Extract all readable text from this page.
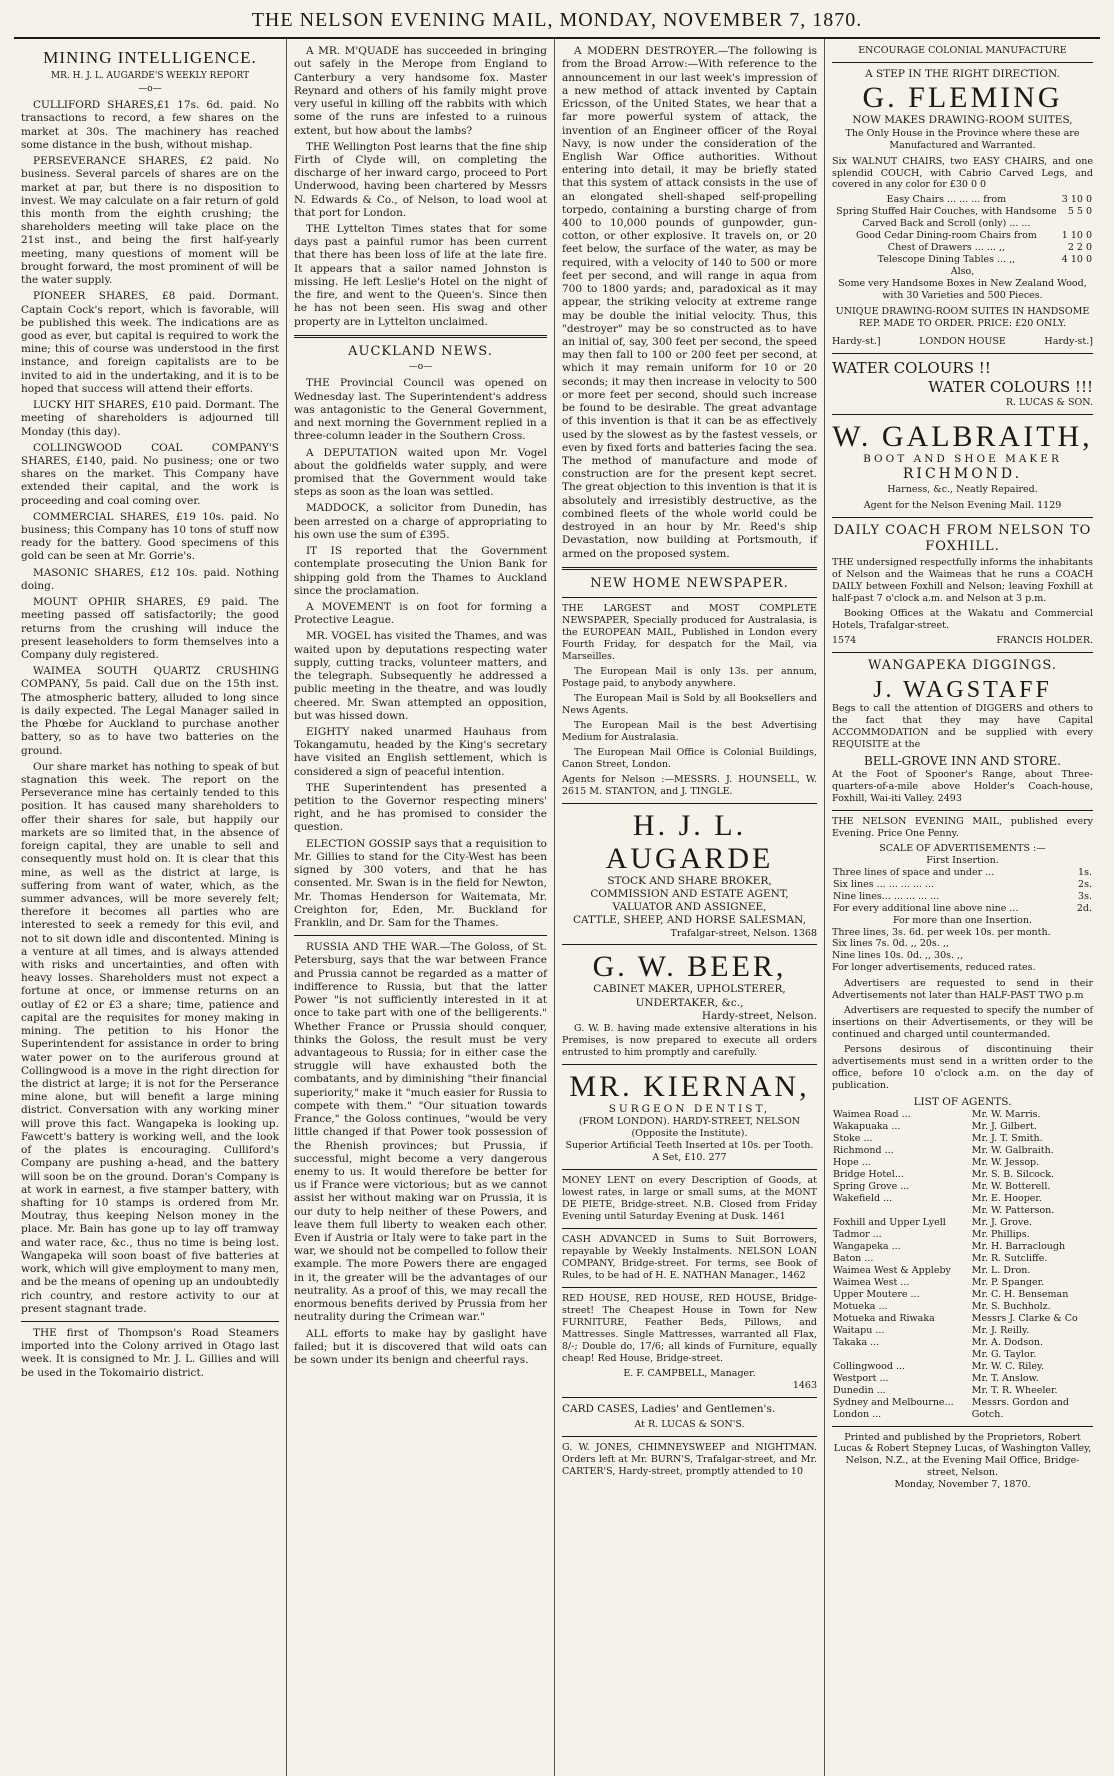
THE NELSON EVENING MAIL, MONDAY, NOVEMBER 7, 1870.
MINING INTELLIGENCE.
MR. H. J. L. AUGARDE'S WEEKLY REPORT
—o—

CULLIFORD SHARES,£1 17s. 6d. paid. No transactions to record, a few shares on the market at 30s. The machinery has reached some distance in the bush, without mishap.

PERSEVERANCE SHARES, £2 paid. No business. Several parcels of shares are on the market at par, but there is no disposition to invest. We may calculate on a fair return of gold this month from the eighth crushing; the shareholders meeting will take place on the 21st inst., and being the first half-yearly meeting, many questions of moment will be brought forward, the most prominent of will be the water supply.

PIONEER SHARES, £8 paid. Dormant. Captain Cock's report, which is favorable, will be published this week. The indications are as good as ever, but capital is required to work the mine; this of course was understood in the first instance, and foreign capitalists are to be invited to aid in the undertaking, and it is to be hoped that success will attend their efforts.

LUCKY HIT SHARES, £10 paid. Dormant. The meeting of shareholders is adjourned till Monday (this day).

COLLINGWOOD COAL COMPANY'S SHARES, £140, paid. No pusiness; one or two shares on the market. This Company have extended their capital, and the work is proceeding and coal coming over.

COMMERCIAL SHARES, £19 10s. paid. No business; this Company has 10 tons of stuff now ready for the battery. Good specimens of this gold can be seen at Mr. Gorrie's.

MASONIC SHARES, £12 10s. paid. Nothing doing.

MOUNT OPHIR SHARES, £9 paid. The meeting passed off satisfactorily; the good returns from the crushing will induce the present leaseholders to form themselves into a Company duly registered.

WAIMEA SOUTH QUARTZ CRUSHING COMPANY, 5s paid. Call due on the 15th inst. The atmospheric battery, alluded to long since is daily expected. The Legal Manager sailed in the Phœbe for Auckland to purchase another battery, so as to have two batteries on the ground.

Our share market has nothing to speak of but stagnation this week. The report on the Perseverance mine has certainly tended to this position. It has caused many shareholders to offer their shares for sale, but happily our markets are so limited that, in the absence of foreign capital, they are unable to sell and consequently must hold on. It is clear that this mine, as well as the district at large, is suffering from want of water, which, as the summer advances, will be more severely felt; therefore it becomes all parties who are interested to seek a remedy for this evil, and not to sit down idle and discontented. Mining is a venture at all times, and is always attended with risks and uncertainties, and often with heavy losses. Shareholders must not expect a fortune at once, or immense returns on an outlay of £2 or £3 a share; time, patience and capital are the requisites for money making in mining. The petition to his Honor the Superintendent for assistance in order to bring water power on to the auriferous ground at Collingwood is a move in the right direction for the district at large; it is not for the Perserance mine alone, but will benefit a large mining district. Conversation with any working miner will prove this fact. Wangapeka is looking up. Fawcett's battery is working well, and the look of the plates is encouraging. Culliford's Company are pushing a-head, and the battery will soon be on the ground. Doran's Company is at work in earnest, a five stamper battery, with shafting for 10 stamps is ordered from Mr. Moutray, thus keeping Nelson money in the place. Mr. Bain has gone up to lay off tramway and water race, &c., thus no time is being lost. Wangapeka will soon boast of five batteries at work, which will give employment to many men, and be the means of opening up an undoubtedly rich country, and restore activity to our at present stagnant trade.

THE first of Thompson's Road Steamers imported into the Colony arrived in Otago last week. It is consigned to Mr. J. L. Gillies and will be used in the Tokomairio district.

A MR. M'QUADE has succeeded in bringing out safely in the Merope from England to Canterbury a very handsome fox. Master Reynard and others of his family might prove very useful in killing off the rabbits with which some of the runs are infested to a ruinous extent, but how about the lambs?

THE Wellington Post learns that the fine ship Firth of Clyde will, on completing the discharge of her inward cargo, proceed to Port Underwood, having been chartered by Messrs N. Edwards & Co., of Nelson, to load wool at that port for London.

THE Lyttelton Times states that for some days past a painful rumor has been current that there has been loss of life at the late fire. It appears that a sailor named Johnston is missing. He left Leslie's Hotel on the night of the fire, and went to the Queen's. Since then he has not been seen. His swag and other property are in Lyttelton unclaimed.

AUCKLAND NEWS.
—o—

THE Provincial Council was opened on Wednesday last. The Superintendent's address was antagonistic to the General Government, and next morning the Government replied in a three-column leader in the Southern Cross.

A DEPUTATION waited upon Mr. Vogel about the goldfields water supply, and were promised that the Government would take steps as soon as the loan was settled.

MADDOCK, a solicitor from Dunedin, has been arrested on a charge of appropriating to his own use the sum of £395.

IT IS reported that the Government contemplate prosecuting the Union Bank for shipping gold from the Thames to Auckland since the proclamation.

A MOVEMENT is on foot for forming a Protective League.

MR. VOGEL has visited the Thames, and was waited upon by deputations respecting water supply, cutting tracks, volunteer matters, and the telegraph. Subsequently he addressed a public meeting in the theatre, and was loudly cheered. Mr. Swan attempted an opposition, but was hissed down.

EIGHTY naked unarmed Hauhaus from Tokangamutu, headed by the King's secretary have visited an English settlement, which is considered a sign of peaceful intention.

THE Superintendent has presented a petition to the Governor respecting miners' right, and he has promised to consider the question.

ELECTION GOSSIP says that a requisition to Mr. Gillies to stand for the City-West has been signed by 300 voters, and that he has consented. Mr. Swan is in the field for Newton, Mr. Thomas Henderson for Waitemata, Mr. Creighton for, Eden, Mr. Buckland for Franklin, and Dr. Sam for the Thames.

RUSSIA AND THE WAR.—The Goloss, of St. Petersburg, says that the war between France and Prussia cannot be regarded as a matter of indifference to Russia, but that the latter Power "is not sufficiently interested in it at once to take part with one of the belligerents." Whether France or Prussia should conquer, thinks the Goloss, the result must be very advantageous to Russia; for in either case the struggle will have exhausted both the combatants, and by diminishing "their financial superiority," make it "much easier for Russia to compete with them." "Our situation towards France," the Goloss continues, "would be very little changed if that Power took possession of the Rhenish provinces; but Prussia, if successful, might become a very dangerous enemy to us. It would therefore be better for us if France were victorious; but as we cannot assist her without making war on Prussia, it is our duty to help neither of these Powers, and leave them full liberty to weaken each other. Even if Austria or Italy were to take part in the war, we should not be compelled to follow their example. The more Powers there are engaged in it, the greater will be the advantages of our neutrality. As a proof of this, we may recall the enormous benefits derived by Prussia from her neutrality during the Crimean war."

ALL efforts to make hay by gaslight have failed; but it is discovered that wild oats can be sown under its benign and cheerful rays.

A MODERN DESTROYER.—The following is from the Broad Arrow:—With reference to the announcement in our last week's impression of a new method of attack invented by Captain Ericsson, of the United States, we hear that a far more powerful system of attack, the invention of an Engineer officer of the Royal Navy, is now under the consideration of the English War Office authorities. Without entering into detail, it may be briefly stated that this system of attack consists in the use of an elongated shell-shaped self-propelling torpedo, containing a bursting charge of from 400 to 10,000 pounds of gunpowder, gun-cotton, or other explosive. It travels on, or 20 feet below, the surface of the water, as may be required, with a velocity of 140 to 500 or more feet per second, and will range in aqua from 700 to 1800 yards; and, paradoxical as it may appear, the striking velocity at extreme range may be double the initial velocity. Thus, this "destroyer" may be so constructed as to have an initial of, say, 300 feet per second, the speed may then fall to 100 or 200 feet per second, at which it may remain uniform for 10 or 20 seconds; it may then increase in velocity to 500 or more feet per second, should such increase be found to be desirable. The great advantage of this invention is that it can be as effectively used by the slowest as by the fastest vessels, or even by fixed forts and batteries facing the sea. The method of manufacture and mode of construction are for the present kept secret. The great objection to this invention is that it is absolutely and irresistibly destructive, as the combined fleets of the whole world could be destroyed in an hour by Mr. Reed's ship Devastation, now building at Portsmouth, if armed on the proposed system.

NEW HOME NEWSPAPER.

THE LARGEST and MOST COMPLETE NEWSPAPER, Specially produced for Australasia, is the EUROPEAN MAIL, Published in London every Fourth Friday, for despatch for the Mail, via Marseilles.

The European Mail is only 13s. per annum, Postage paid, to anybody anywhere.

The European Mail is Sold by all Booksellers and News Agents.

The European Mail is the best Advertising Medium for Australasia.

The European Mail Office is Colonial Buildings, Canon Street, London.

Agents for Nelson :—MESSRS. J. HOUNSELL, W. 2615 M. STANTON, and J. TINGLE.

H. J. L. AUGARDE
STOCK AND SHARE BROKER,
COMMISSION AND ESTATE AGENT,
VALUATOR AND ASSIGNEE,
CATTLE, SHEEP, AND HORSE SALESMAN,
Trafalgar-street, Nelson. 1368
G. W. BEER,
CABINET MAKER, UPHOLSTERER,
UNDERTAKER, &c.,
Hardy-street, Nelson.

G. W. B. having made extensive alterations in his Premises, is now prepared to execute all orders entrusted to him promptly and carefully.

MR. KIERNAN,
SURGEON DENTIST,
(FROM LONDON). HARDY-STREET, NELSON
(Opposite the Institute).
Superior Artificial Teeth Inserted at 10s. per Tooth. A Set, £10. 277

MONEY LENT on every Description of Goods, at lowest rates, in large or small sums, at the MONT DE PIETE, Bridge-street. N.B. Closed from Friday Evening until Saturday Evening at Dusk. 1461

CASH ADVANCED in Sums to Suit Borrowers, repayable by Weekly Instalments. NELSON LOAN COMPANY, Bridge-street. For terms, see Book of Rules, to be had of H. E. NATHAN Manager., 1462

RED HOUSE, RED HOUSE, RED HOUSE, Bridge-street! The Cheapest House in Town for New FURNITURE, Feather Beds, Pillows, and Mattresses. Single Mattresses, warranted all Flax, 8/-; Double do, 17/6; all kinds of Furniture, equally cheap! Red House, Bridge-street.

E. F. CAMPBELL, Manager.
1463

CARD CASES, Ladies' and Gentlemen's.

At R. LUCAS & SON'S.

G. W. JONES, CHIMNEYSWEEP and NIGHTMAN. Orders left at Mr. BURN'S, Trafalgar-street, and Mr. CARTER'S, Hardy-street, promptly attended to 10

ENCOURAGE COLONIAL MANUFACTURE
A STEP IN THE RIGHT DIRECTION.
G. FLEMING
NOW MAKES DRAWING-ROOM SUITES,
The Only House in the Province where these are Manufactured and Warranted.

Six WALNUT CHAIRS, two EASY CHAIRS, and one splendid COUCH, with Cabrio Carved Legs, and covered in any color for £30 0 0

Easy Chairs ... ... ... from	3 10 0
Spring Stuffed Hair Couches, with Handsome Carved Back and Scroll (only) ... ...	5 5 0
Good Cedar Dining-room Chairs from	1 10 0
Chest of Drawers ... ... ,,	2 2 0
Telescope Dining Tables ... ,,	4 10 0
Also,
Some very Handsome Boxes in New Zealand Wood, with 30 Varieties and 500 Pieces.
UNIQUE DRAWING-ROOM SUITES IN HANDSOME REP. MADE TO ORDER. PRICE: £20 ONLY.
Hardy-st.]	LONDON HOUSE	Hardy-st.]
WATER COLOURS !!
WATER COLOURS !!!
R. LUCAS & SON.
W. GALBRAITH,
BOOT AND SHOE MAKER
RICHMOND.
Harness, &c., Neatly Repaired.
Agent for the Nelson Evening Mail. 1129
DAILY COACH FROM NELSON TO FOXHILL.

THE undersigned respectfully informs the inhabitants of Nelson and the Waimeas that he runs a COACH DAILY between Foxhill and Nelson; leaving Foxhill at half-past 7 o'clock a.m. and Nelson at 3 p.m.

Booking Offices at the Wakatu and Commercial Hotels, Trafalgar-street.

1574	FRANCIS HOLDER.
WANGAPEKA DIGGINGS.
J. WAGSTAFF

Begs to call the attention of DIGGERS and others to the fact that they may have Capital ACCOMMODATION and be supplied with every REQUISITE at the

BELL-GROVE INN AND STORE.

At the Foot of Spooner's Range, about Three-quarters-of-a-mile above Holder's Coach-house, Foxhill, Wai-iti Valley. 2493

THE NELSON EVENING MAIL, published every Evening. Price One Penny.

SCALE OF ADVERTISEMENTS :—
First Insertion.
Three lines of space and under ...	1s.
Six lines ... ... ... ... ...	2s.
Nine lines... ... ... ... ...	3s.
For every additional line above nine ...	2d.
For more than one Insertion.
Three lines, 3s. 6d. per week 10s. per month.
Six lines 7s. 0d. ,, 20s. ,,
Nine lines 10s. 0d. ,, 30s. ,,
For longer advertisements, reduced rates.

Advertisers are requested to send in their Advertisements not later than HALF-PAST TWO p.m

Advertisers are requested to specify the number of insertions on their Advertisements, or they will be continued and charged until countermanded.

Persons desirous of discontinuing their advertisements must send in a written order to the office, before 10 o'clock a.m. on the day of publication.

LIST OF AGENTS.
Waimea Road ...	Mr. W. Marris.
Wakapuaka ...	Mr. J. Gilbert.
Stoke ...	Mr. J. T. Smith.
Richmond ...	Mr. W. Galbraith.
Hope ...	Mr. W. Jessop.
Bridge Hotel...	Mr. S. B. Silcock.
Spring Grove ...	Mr. W. Botterell.
Wakefield ...	Mr. E. Hooper.
	Mr. W. Patterson.
Foxhill and Upper Lyell	Mr. J. Grove.
Tadmor ...	Mr. Phillips.
Wangapeka ...	Mr. H. Barraclough
Baton ...	Mr. R. Sutcliffe.
Waimea West & Appleby	Mr. L. Dron.
Waimea West ...	Mr. P. Spanger.
Upper Moutere ...	Mr. C. H. Benseman
Motueka ...	Mr. S. Buchholz.
Motueka and Riwaka	Messrs J. Clarke & Co
Waitapu ...	Mr. J. Reilly.
Takaka ...	Mr. A. Dodson.
	Mr. G. Taylor.
Collingwood ...	Mr. W. C. Riley.
Westport ...	Mr. T. Anslow.
Dunedin ...	Mr. T. R. Wheeler.
Sydney and Melbourne...	Messrs. Gordon and
London ...	Gotch.
Printed and published by the Proprietors, Robert Lucas & Robert Stepney Lucas, of Washington Valley, Nelson, N.Z., at the Evening Mail Office, Bridge-street, Nelson.
Monday, November 7, 1870.
